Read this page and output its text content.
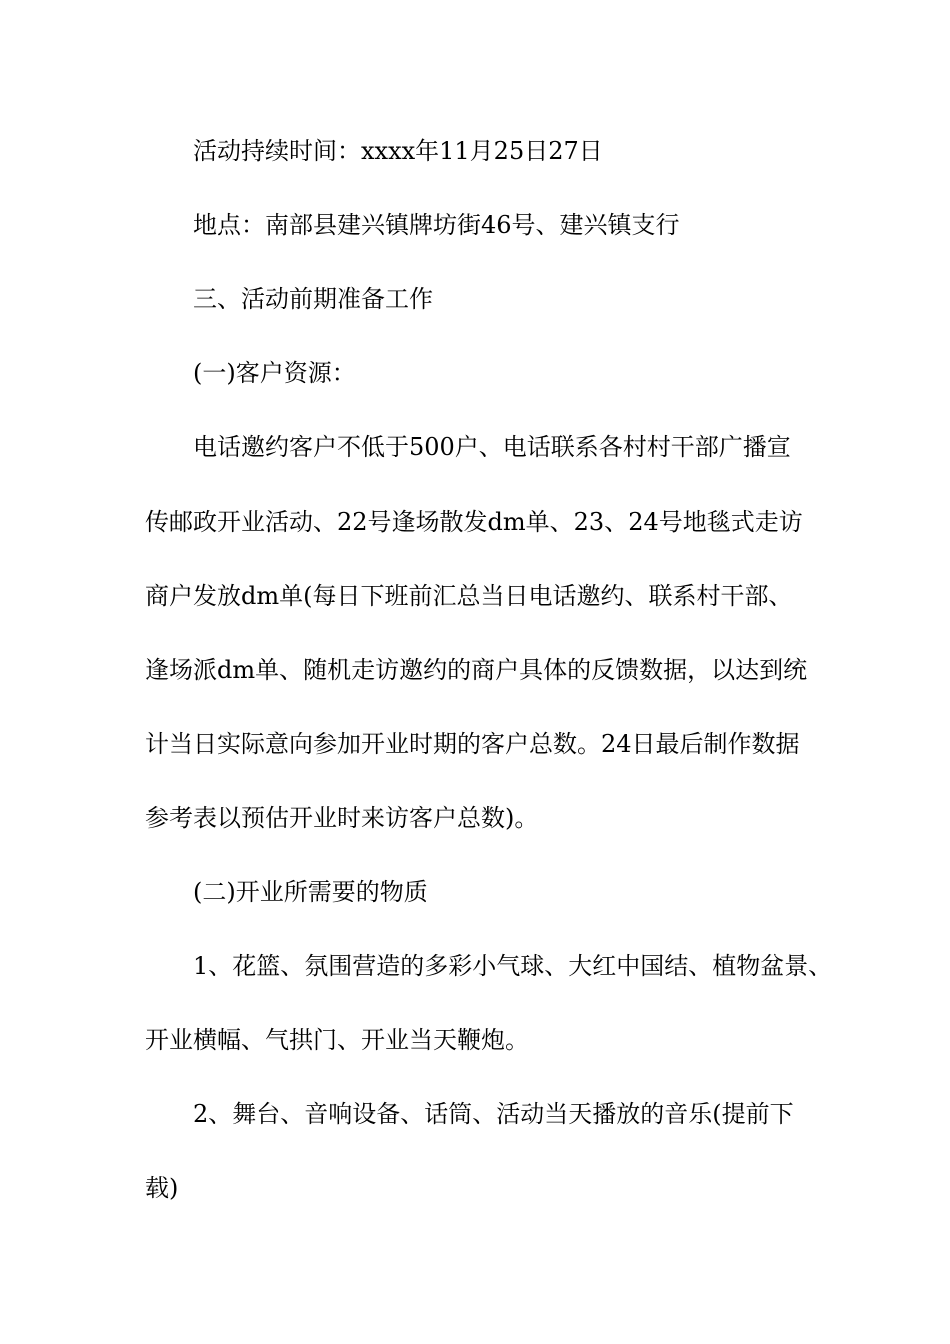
活动持续时间：xxxx年11月25日27日

地点：南部县建兴镇牌坊街46号、建兴镇支行

三、活动前期准备工作

(一)客户资源：

电话邀约客户不低于500户、电话联系各村村干部广播宣

传邮政开业活动、22号逢场散发dm单、23、24号地毯式走访

商户发放dm单(每日下班前汇总当日电话邀约、联系村干部、

逢场派dm单、随机走访邀约的商户具体的反馈数据，以达到统

计当日实际意向参加开业时期的客户总数。24日最后制作数据

参考表以预估开业时来访客户总数)。

(二)开业所需要的物质

1、花篮、氛围营造的多彩小气球、大红中国结、植物盆景、

开业横幅、气拱门、开业当天鞭炮。

2、舞台、音响设备、话筒、活动当天播放的音乐(提前下

载)
